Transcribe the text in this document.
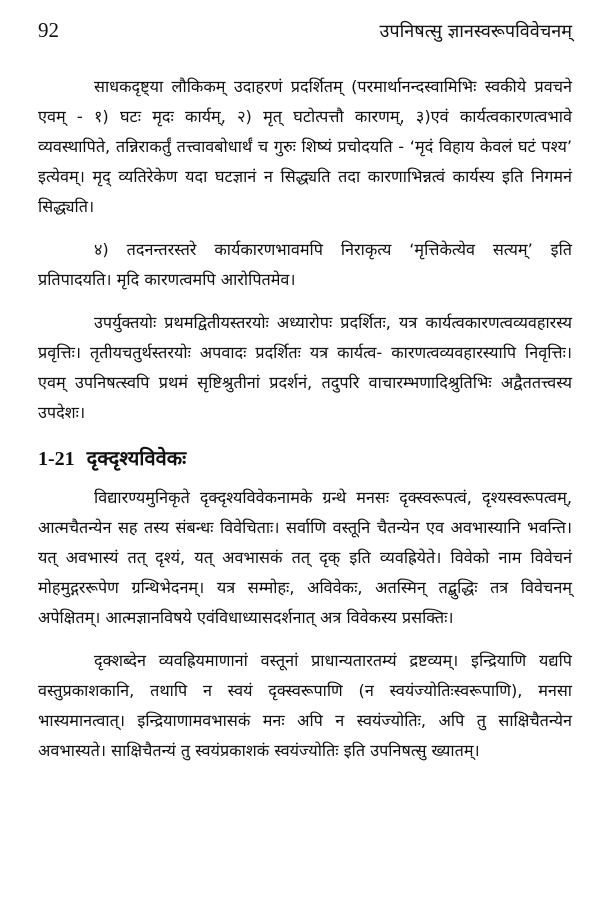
92	उपनिषत्सु ज्ञानस्वरूपविवेचनम्

साधकदृष्ट्या लौकिकम् उदाहरणं प्रदर्शितम् (परमार्थानन्दस्वामिभिः स्वकीये प्रवचने एवम् - १) घटः मृदः कार्यम्, २) मृत् घटोत्पत्तौ कारणम्, ३)एवं कार्यत्वकारणत्वभावे व्यवस्थापिते, तन्निराकर्तुं तत्त्वावबोधार्थं च गुरुः शिष्यं प्रचोदयति - ‘मृदं विहाय केवलं घटं पश्य’ इत्येवम्। मृद् व्यतिरेकेण यदा घटज्ञानं न सिद्ध्यति तदा कारणाभिन्नत्वं कार्यस्य इति निगमनं सिद्ध्यति।

४) तदनन्तरस्तरे कार्यकारणभावमपि निराकृत्य ‘मृत्तिकेत्येव सत्यम्’ इति प्रतिपादयति। मृदि कारणत्वमपि आरोपितमेव।

उपर्युक्तयोः प्रथमद्वितीयस्तरयोः अध्यारोपः प्रदर्शितः, यत्र कार्यत्वकारणत्वव्यवहारस्य प्रवृत्तिः। तृतीयचतुर्थस्तरयोः अपवादः प्रदर्शितः यत्र कार्यत्व- कारणत्वव्यवहारस्यापि निवृत्तिः। एवम् उपनिषत्स्वपि प्रथमं सृष्टिश्रुतीनां प्रदर्शनं, तदुपरि वाचारम्भणादिश्रुतिभिः अद्वैततत्त्वस्य उपदेशः।

1-21 दृक्दृश्यविवेकः

विद्यारण्यमुनिकृते दृक्दृश्यविवेकनामके ग्रन्थे मनसः दृक्स्वरूपत्वं, दृश्यस्वरूपत्वम्, आत्मचैतन्येन सह तस्य संबन्धः विवेचिताः। सर्वाणि वस्तूनि चैतन्येन एव अवभास्यानि भवन्ति। यत् अवभास्यं तत् दृश्यं, यत् अवभासकं तत् दृक् इति व्यवह्रियेते। विवेको नाम विवेचनं मोहमुद्गररूपेण ग्रन्थिभेदनम्। यत्र सम्मोहः, अविवेकः, अतस्मिन् तद्बुद्धिः तत्र विवेचनम् अपेक्षितम्। आत्मज्ञानविषये एवंविधाध्यासदर्शनात् अत्र विवेकस्य प्रसक्तिः।

दृक्शब्देन व्यवह्रियमाणानां वस्तूनां प्राधान्यतारतम्यं द्रष्टव्यम्। इन्द्रियाणि यद्यपि वस्तुप्रकाशकानि, तथापि न स्वयं दृक्स्वरूपाणि (न स्वयंज्योतिःस्वरूपाणि), मनसा भास्यमानत्वात्। इन्द्रियाणामवभासकं मनः अपि न स्वयंज्योतिः, अपि तु साक्षिचैतन्येन अवभास्यते। साक्षिचैतन्यं तु स्वयंप्रकाशकं स्वयंज्योतिः इति उपनिषत्सु ख्यातम्।
